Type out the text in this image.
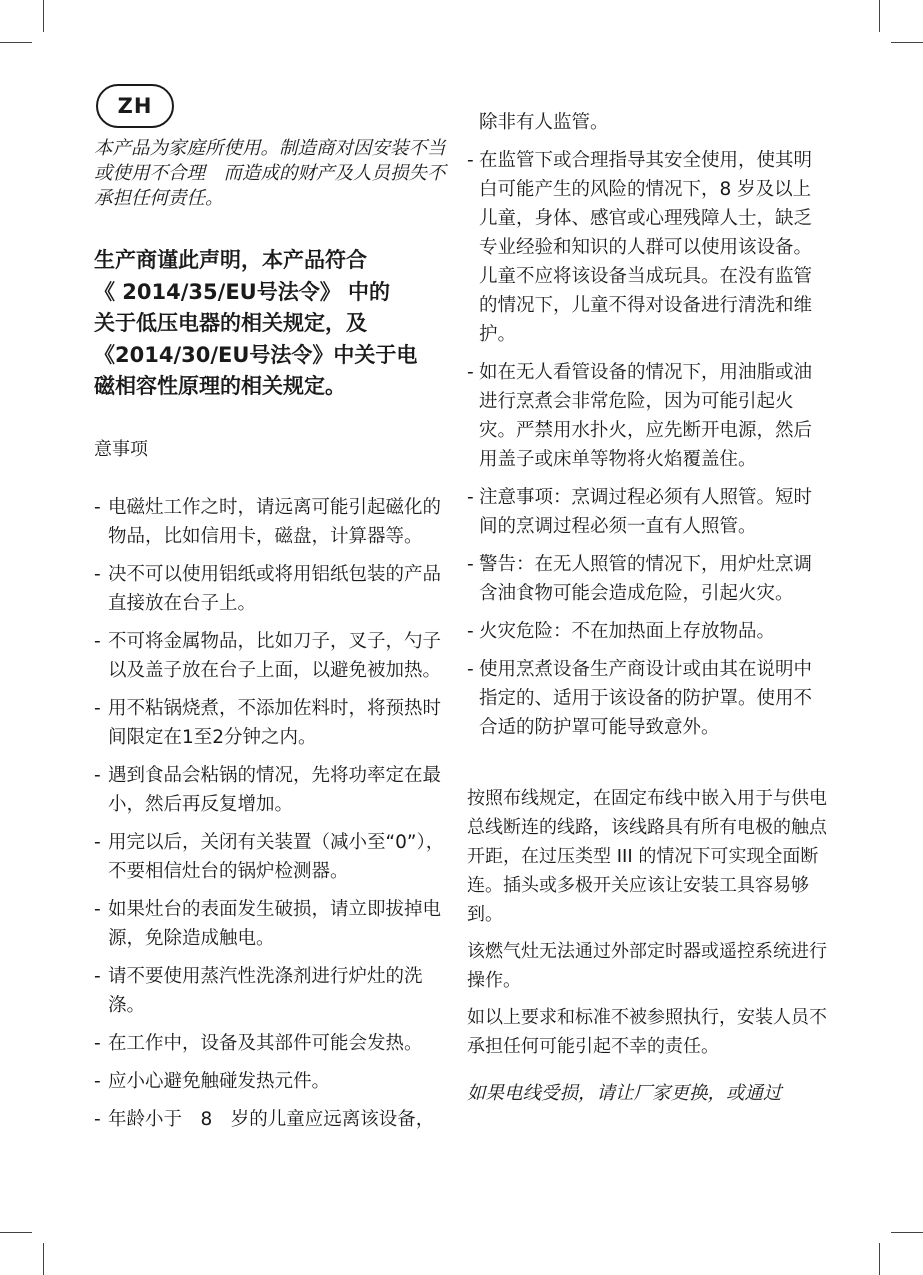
ZH

本产品为家庭所使用。制造商对因安装不当或使用不合理　而造成的财产及人员损失不承担任何责任。

生产商谨此声明，本产品符合
《 2014/35/EU号法令》 中的
关于低压电器的相关规定，及
《2014/30/EU号法令》中关于电
磁相容性原理的相关规定。
意事项
- 电磁灶工作之时，请远离可能引起磁化的物品，比如信用卡，磁盘，计算器等。
- 决不可以使用铝纸或将用铝纸包装的产品直接放在台子上。
- 不可将金属物品，比如刀子，叉子，勺子以及盖子放在台子上面，以避免被加热。
- 用不粘锅烧煮，不添加佐料时，将预热时间限定在1至2分钟之内。
- 遇到食品会粘锅的情况，先将功率定在最小，然后再反复增加。
- 用完以后，关闭有关装置（减小至“0”），不要相信灶台的锅炉检测器。
- 如果灶台的表面发生破损，请立即拔掉电源，免除造成触电。
- 请不要使用蒸汽性洗涤剂进行炉灶的洗涤。
- 在工作中，设备及其部件可能会发热。
- 应小心避免触碰发热元件。
- 年龄小于　8　岁的儿童应远离该设备，
除非有人监管。
- 在监管下或合理指导其安全使用，使其明白可能产生的风险的情况下，8 岁及以上儿童，身体、感官或心理残障人士，缺乏专业经验和知识的人群可以使用该设备。儿童不应将该设备当成玩具。在没有监管的情况下，儿童不得对设备进行清洗和维护。
- 如在无人看管设备的情况下，用油脂或油进行烹煮会非常危险，因为可能引起火灾。严禁用水扑火，应先断开电源，然后用盖子或床单等物将火焰覆盖住。
- 注意事项：烹调过程必须有人照管。短时间的烹调过程必须一直有人照管。
- 警告：在无人照管的情况下，用炉灶烹调含油食物可能会造成危险，引起火灾。
- 火灾危险：不在加热面上存放物品。
- 使用烹煮设备生产商设计或由其在说明中指定的、适用于该设备的防护罩。使用不合适的防护罩可能导致意外。

按照布线规定，在固定布线中嵌入用于与供电总线断连的线路，该线路具有所有电极的触点开距，在过压类型 III 的情况下可实现全面断连。插头或多极开关应该让安装工具容易够到。

该燃气灶无法通过外部定时器或遥控系统进行操作。

如以上要求和标准不被参照执行，安装人员不承担任何可能引起不幸的责任。

如果电线受损，请让厂家更换，或通过
